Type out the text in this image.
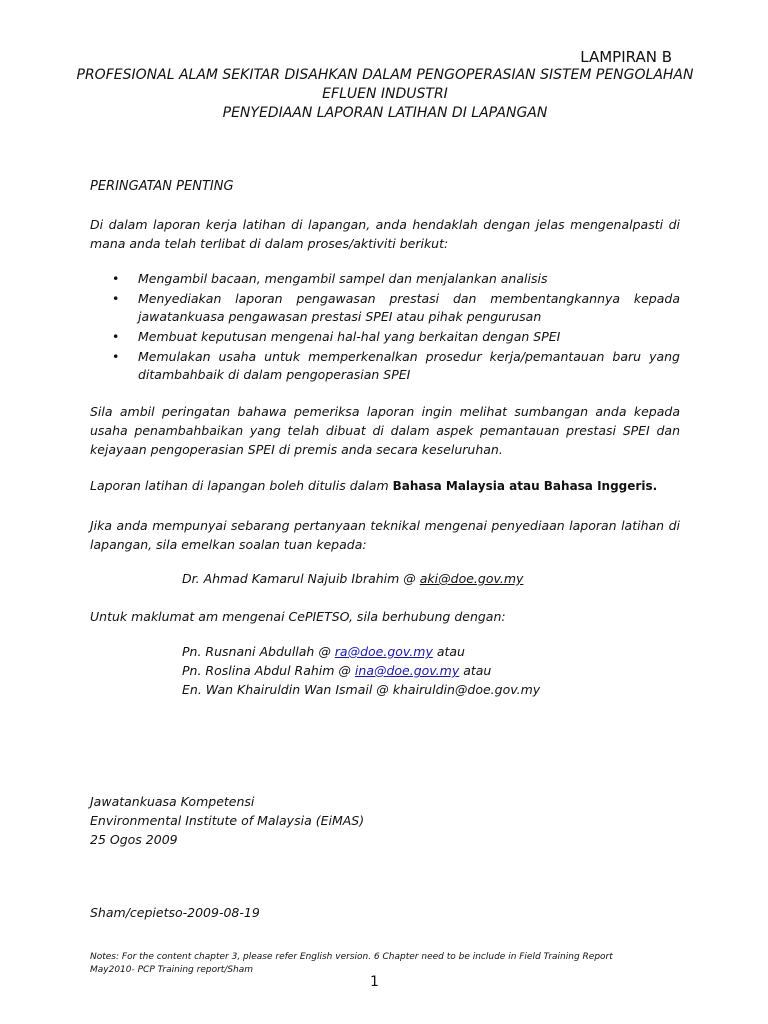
LAMPIRAN B
PROFESIONAL ALAM SEKITAR DISAHKAN DALAM PENGOPERASIAN SISTEM PENGOLAHAN
EFLUEN INDUSTRI
PENYEDIAAN LAPORAN LATIHAN DI LAPANGAN
PERINGATAN PENTING
Di dalam laporan kerja latihan di lapangan, anda hendaklah dengan jelas mengenalpasti di mana anda telah terlibat di dalam proses/aktiviti berikut:
• Mengambil bacaan, mengambil sampel dan menjalankan analisis
• Menyediakan laporan pengawasan prestasi dan membentangkannya kepada jawatankuasa pengawasan prestasi SPEI atau pihak pengurusan
• Membuat keputusan mengenai hal-hal yang berkaitan dengan SPEI
• Memulakan usaha untuk memperkenalkan prosedur kerja/pemantauan baru yang ditambahbaik di dalam pengoperasian SPEI
Sila ambil peringatan bahawa pemeriksa laporan ingin melihat sumbangan anda kepada usaha penambahbaikan yang telah dibuat di dalam aspek pemantauan prestasi SPEI dan kejayaan pengoperasian SPEI di premis anda secara keseluruhan.
Laporan latihan di lapangan boleh ditulis dalam Bahasa Malaysia atau Bahasa Inggeris.
Jika anda mempunyai sebarang pertanyaan teknikal mengenai penyediaan laporan latihan di lapangan, sila emelkan soalan tuan kepada:
Dr. Ahmad Kamarul Najuib Ibrahim @ aki@doe.gov.my
Untuk maklumat am mengenai CePIETSO, sila berhubung dengan:
Pn. Rusnani Abdullah @ ra@doe.gov.my atau
Pn. Roslina Abdul Rahim @ ina@doe.gov.my atau
En. Wan Khairuldin Wan Ismail @ khairuldin@doe.gov.my
Jawatankuasa Kompetensi
Environmental Institute of Malaysia (EiMAS)
25 Ogos 2009
Sham/cepietso-2009-08-19
Notes: For the content chapter 3, please refer English version. 6 Chapter need to be include in Field Training Report
May2010- PCP Training report/Sham
1
